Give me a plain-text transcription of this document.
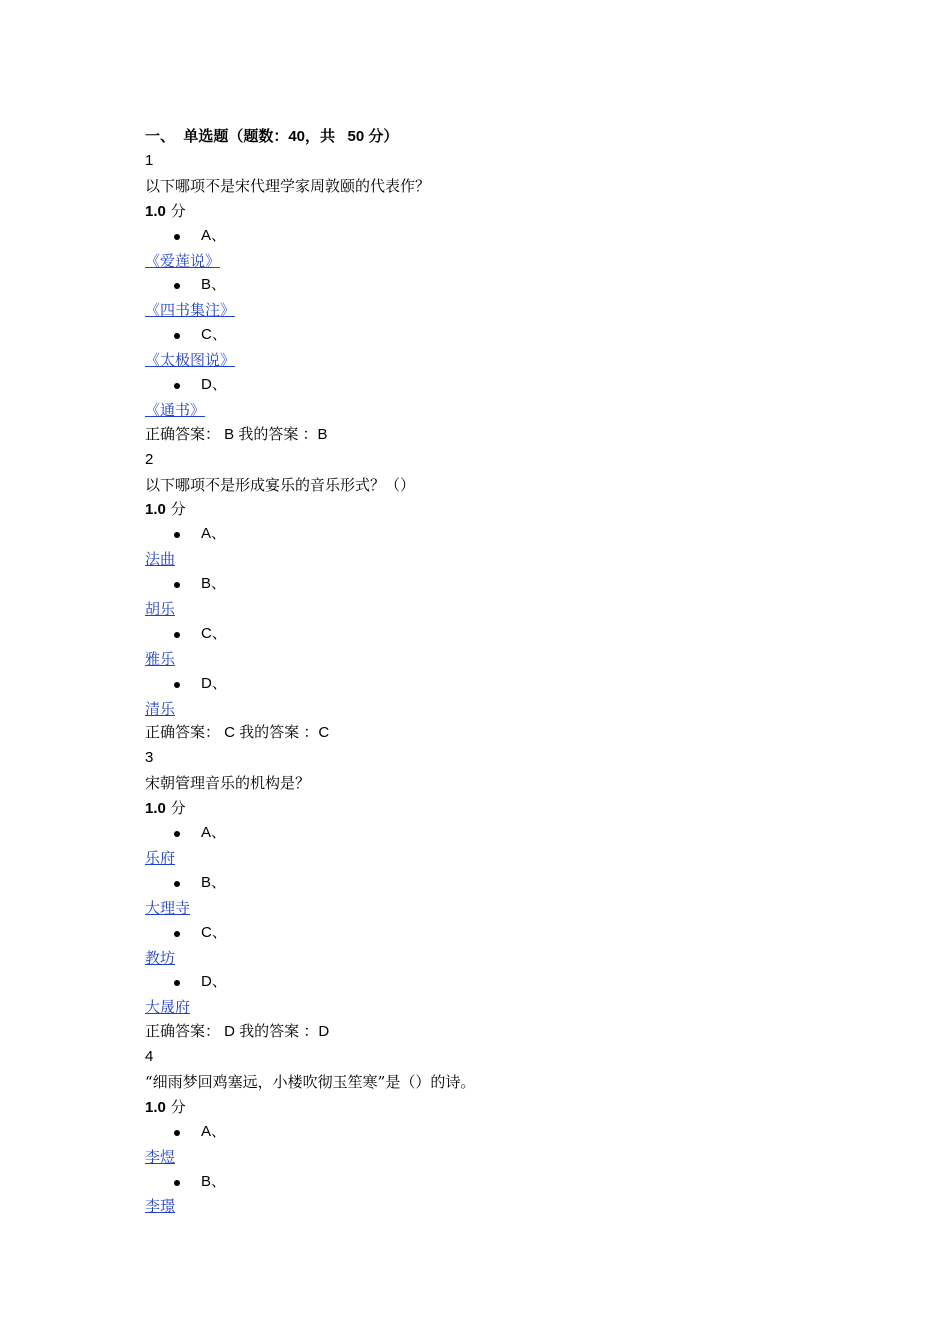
一、  单选题（题数：40，共   50 分）
1
以下哪项不是宋代理学家周敦颐的代表作？
1.0 分
A、
《爱莲说》
B、
《四书集注》
C、
《太极图说》
D、
《通书》
正确答案： B 我的答案 ：B
2
以下哪项不是形成宴乐的音乐形式？（）
1.0 分
A、
法曲
B、
胡乐
C、
雅乐
D、
清乐
正确答案： C 我的答案 ：C
3
宋朝管理音乐的机构是？
1.0 分
A、
乐府
B、
大理寺
C、
教坊
D、
大晟府
正确答案： D 我的答案 ：D
4
“细雨梦回鸡塞远，小楼吹彻玉笙寒”是（）的诗。
1.0 分
A、
李煜
B、
李璟
